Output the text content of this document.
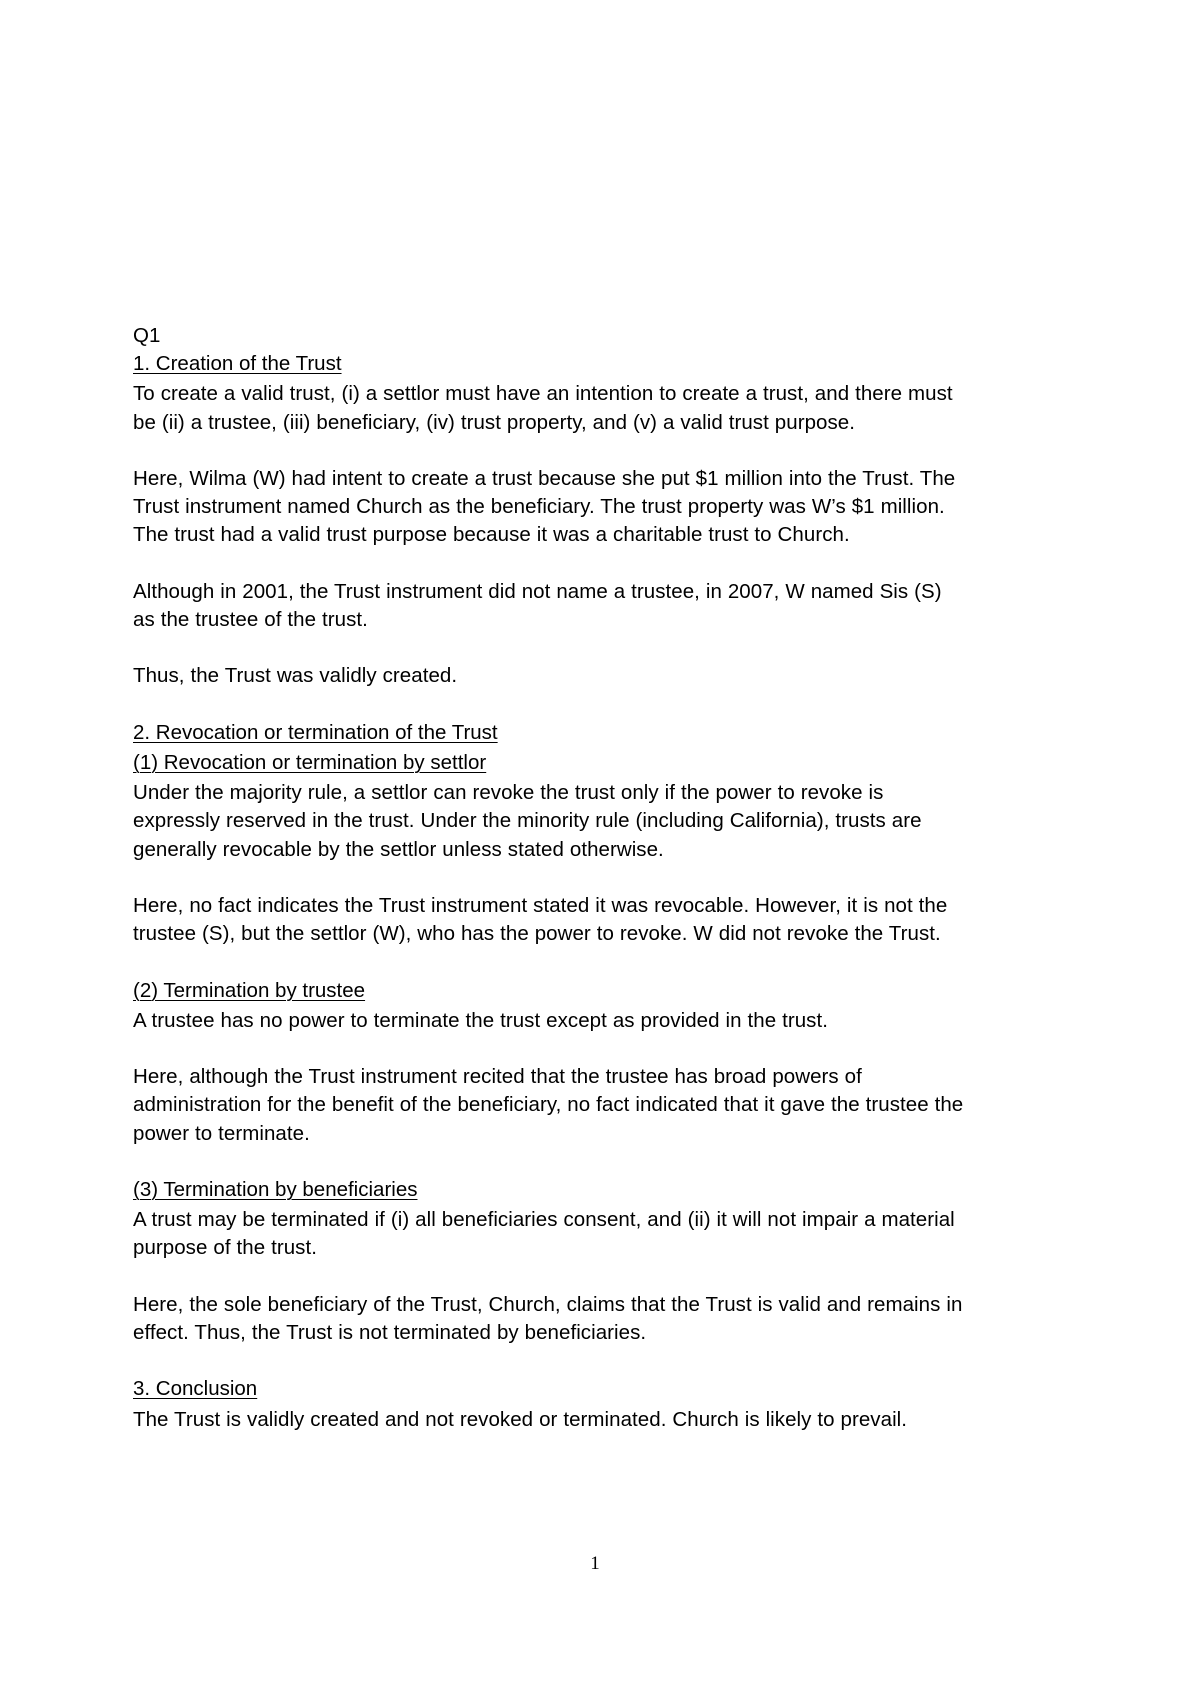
Q1
1. Creation of the Trust
To create a valid trust, (i) a settlor must have an intention to create a trust, and there must be (ii) a trustee, (iii) beneficiary, (iv) trust property, and (v) a valid trust purpose.
Here, Wilma (W) had intent to create a trust because she put $1 million into the Trust. The Trust instrument named Church as the beneficiary. The trust property was W’s $1 million. The trust had a valid trust purpose because it was a charitable trust to Church.
Although in 2001, the Trust instrument did not name a trustee, in 2007, W named Sis (S) as the trustee of the trust.
Thus, the Trust was validly created.
2. Revocation or termination of the Trust
(1) Revocation or termination by settlor
Under the majority rule, a settlor can revoke the trust only if the power to revoke is expressly reserved in the trust. Under the minority rule (including California), trusts are generally revocable by the settlor unless stated otherwise.
Here, no fact indicates the Trust instrument stated it was revocable. However, it is not the trustee (S), but the settlor (W), who has the power to revoke. W did not revoke the Trust.
(2) Termination by trustee
A trustee has no power to terminate the trust except as provided in the trust.
Here, although the Trust instrument recited that the trustee has broad powers of administration for the benefit of the beneficiary, no fact indicated that it gave the trustee the power to terminate.
(3) Termination by beneficiaries
A trust may be terminated if (i) all beneficiaries consent, and (ii) it will not impair a material purpose of the trust.
Here, the sole beneficiary of the Trust, Church, claims that the Trust is valid and remains in effect. Thus, the Trust is not terminated by beneficiaries.
3. Conclusion
The Trust is validly created and not revoked or terminated. Church is likely to prevail.
1
